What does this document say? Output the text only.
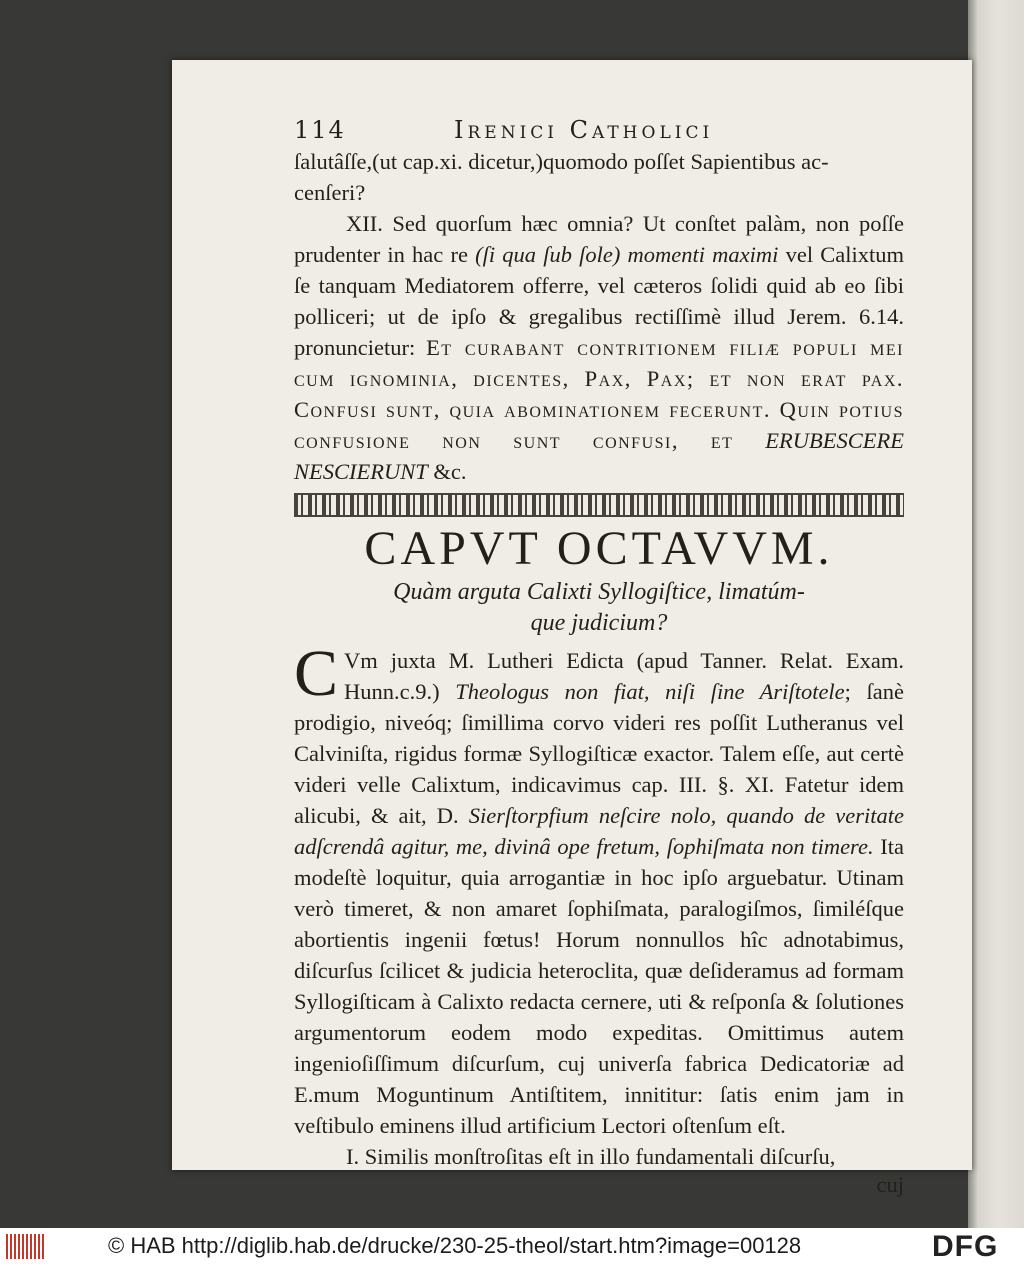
114	Irenici Catholici

ſalutâſſe,(ut cap.xi. dicetur,)quomodo poſſet Sapientibus ac-

cenſeri?

XII. Sed quorſum hæc omnia? Ut conſtet palàm, non poſſe prudenter in hac re (ſi qua ſub ſole) momenti maximi vel Calixtum ſe tanquam Mediatorem offerre, vel cæteros ſolidi quid ab eo ſibi polliceri; ut de ipſo & gregalibus rectiſſimè illud Jerem. 6.14. pronuncietur: Et curabant contritionem filiæ populi mei cum ignominia, dicentes, Pax, Pax; et non erat pax. Confusi sunt, quia abominationem fecerunt. Quin potius confusione non sunt confusi, et ERUBESCERE NESCIERUNT &c.

CAPVT OCTAVVM.
Quàm arguta Calixti Syllogiſtice, limatúm-
que judicium?

C Vm juxta M. Lutheri Edicta (apud Tanner. Relat. Exam. Hunn.c.9.) Theologus non fiat, niſi ſine Ariſtotele; ſanè prodigio, niveóq; ſimillima corvo videri res poſſit Lutheranus vel Calviniſta, rigidus formæ Syllogiſticæ exactor. Talem eſſe, aut certè videri velle Calixtum, indicavimus cap. III. §. XI. Fatetur idem alicubi, & ait, D. Sierſtorpfium neſcire nolo, quando de veritate adſcrendâ agitur, me, divinâ ope fretum, ſophiſmata non timere. Ita modeſtè loquitur, quia arrogantiæ in hoc ipſo arguebatur. Utinam verò timeret, & non amaret ſophiſmata, paralogiſmos, ſimiléſque abortientis ingenii fœtus! Horum nonnullos hîc adnotabimus, diſcurſus ſcilicet & judicia heteroclita, quæ deſideramus ad formam Syllogiſticam à Calixto redacta cernere, uti & reſponſa & ſolutiones argumentorum eodem modo expeditas. Omittimus autem ingenioſiſſimum diſcurſum, cuj univerſa fabrica Dedicatoriæ ad E.mum Moguntinum Antiſtitem, innititur: ſatis enim jam in veſtibulo eminens illud artificium Lectori oſtenſum eſt.

I. Similis monſtroſitas eſt in illo fundamentali diſcurſu,

cuj
© HAB http://diglib.hab.de/drucke/230-25-theol/start.htm?image=00128	DFG
